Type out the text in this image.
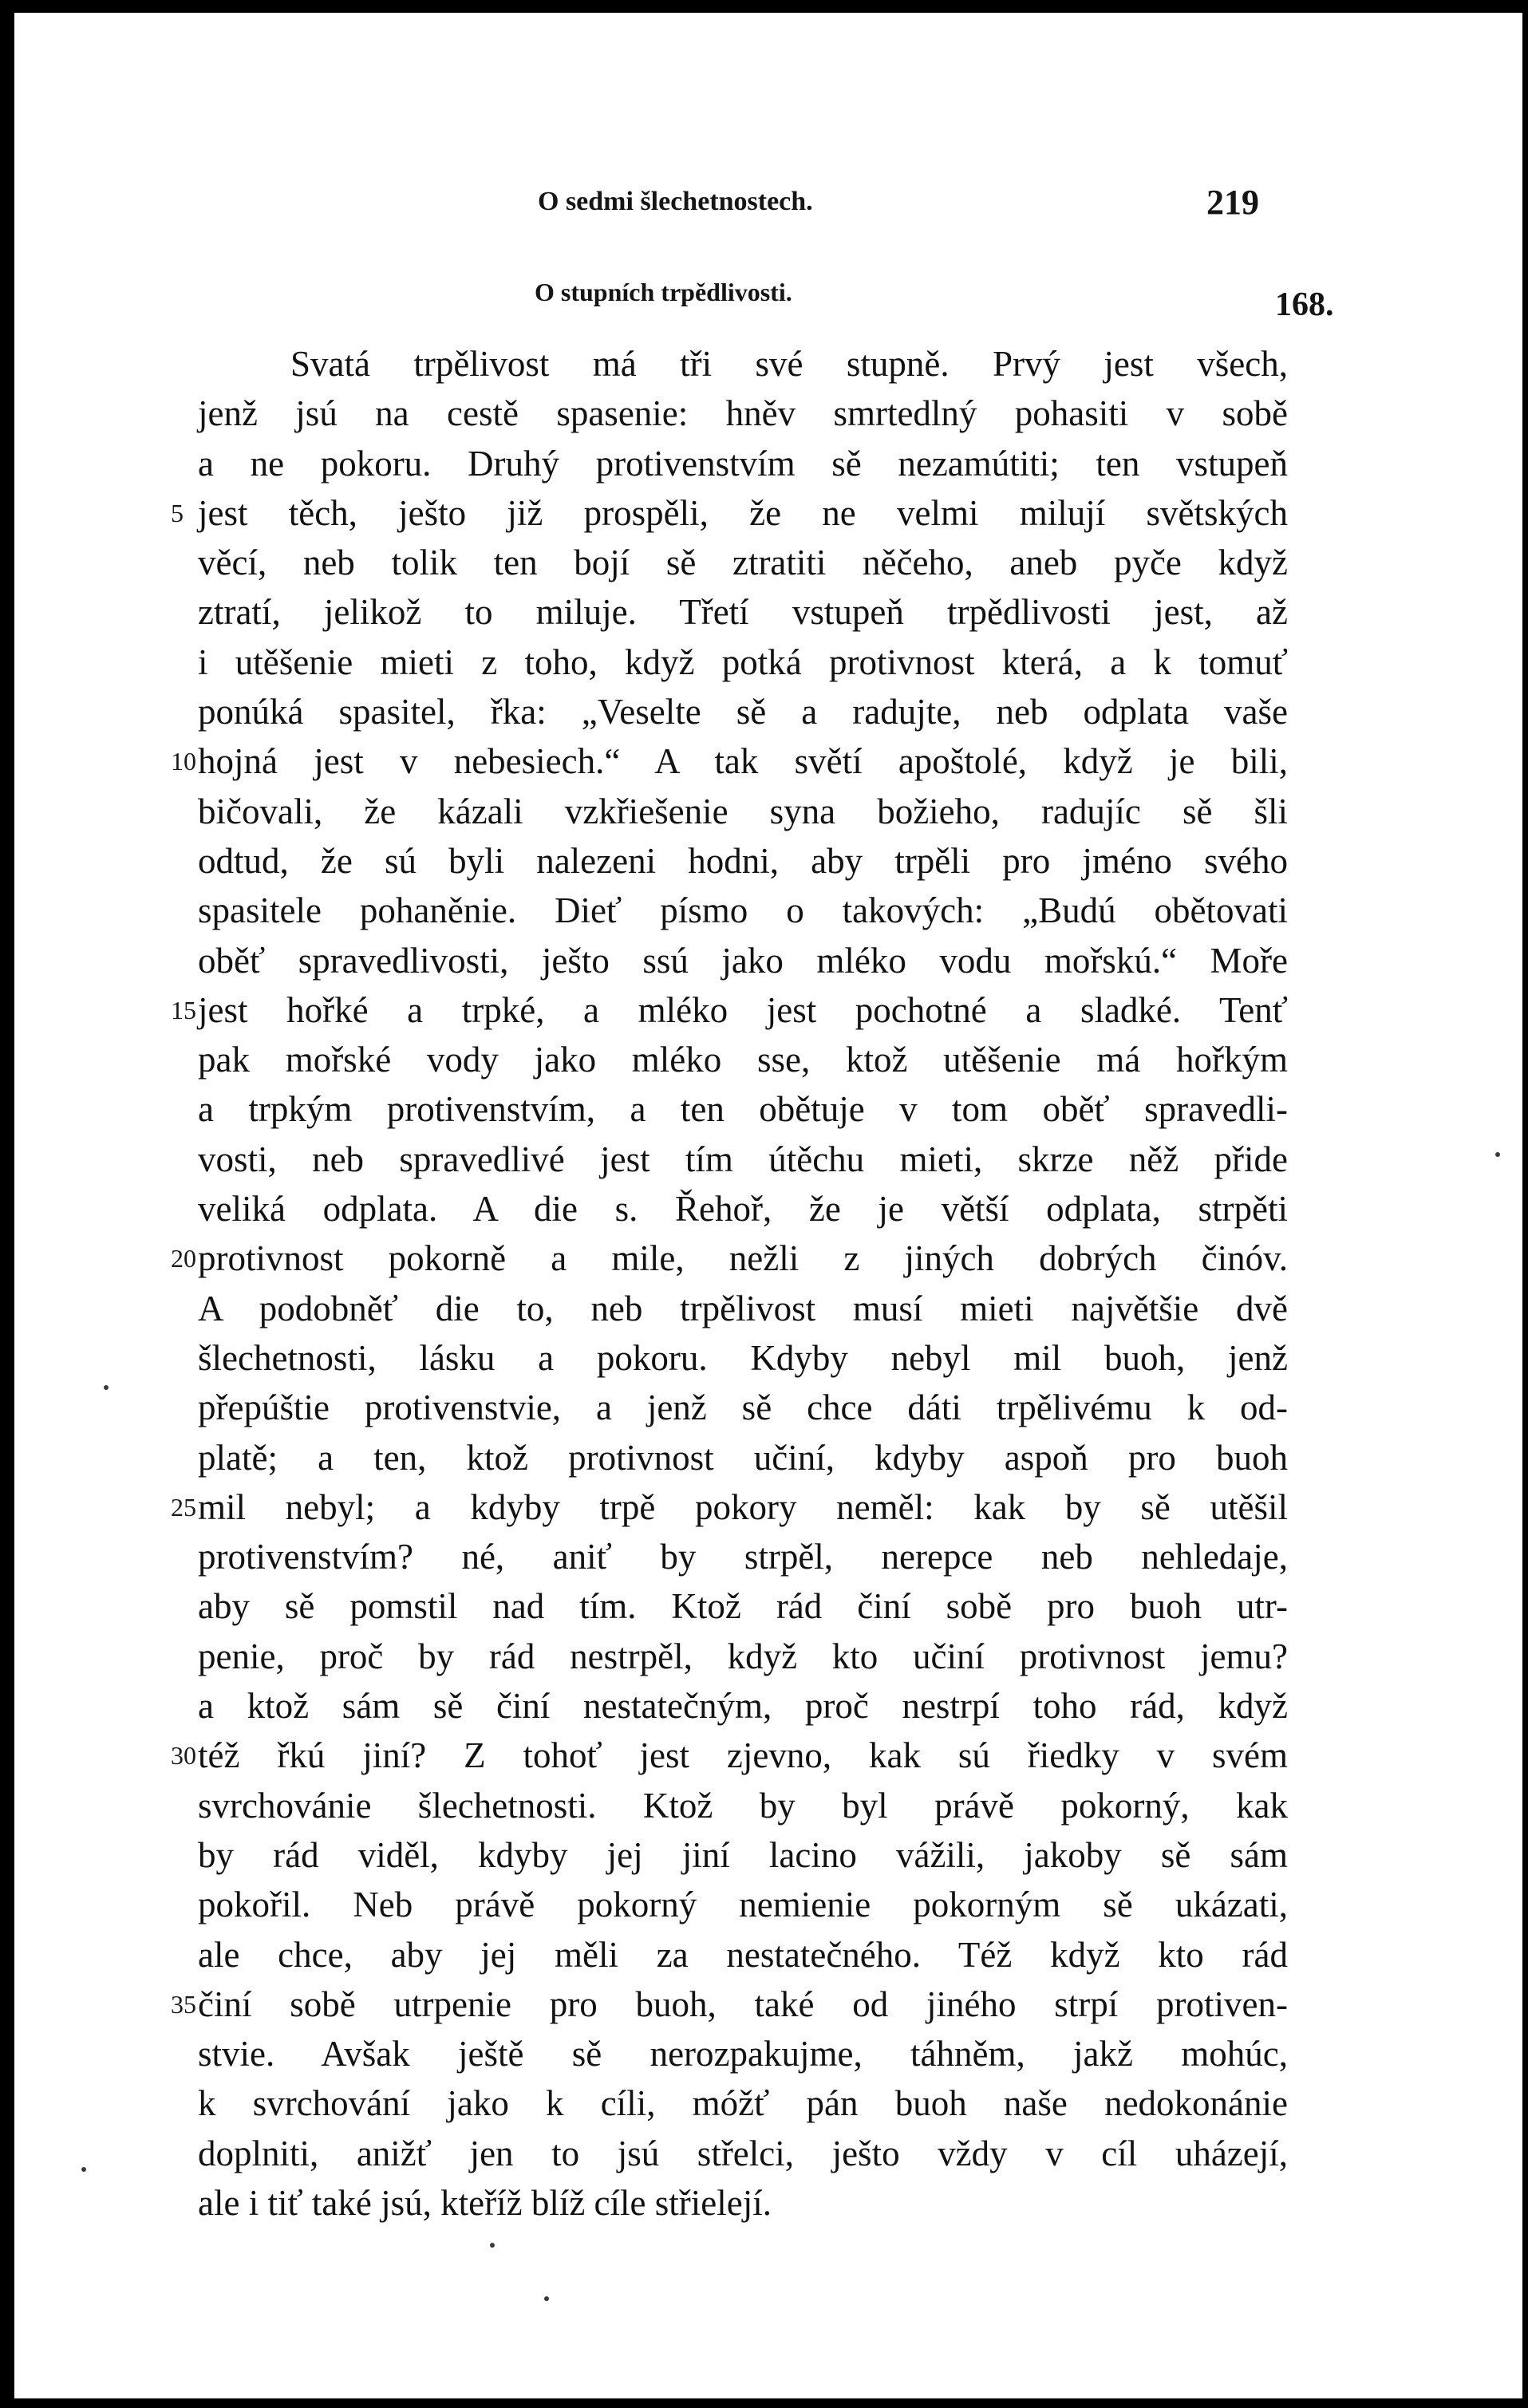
O sedmi šlechetnostech.	219
O stupních trpědlivosti.	168.
Svatá trpělivost má tři své stupně. Prvý jest všech,
jenž jsú na cestě spasenie: hněv smrtedlný pohasiti v sobě
a ne pokoru. Druhý protivenstvím sě nezamútiti; ten vstupeň
5 jest těch, ješto již prospěli, že ne velmi milují světských
věcí, neb tolik ten bojí sě ztratiti něčeho, aneb pyče když
ztratí, jelikož to miluje. Třetí vstupeň trpědlivosti jest, až
i utěšenie mieti z toho, když potká protivnost která, a k tomuť
ponúká spasitel, řka: „Veselte sě a radujte, neb odplata vaše
10 hojná jest v nebesiech.“ A tak světí apoštolé, když je bili,
bičovali, že kázali vzkřiešenie syna božieho, radujíc sě šli
odtud, že sú byli nalezeni hodni, aby trpěli pro jméno svého
spasitele pohaněnie. Dieť písmo o takových: „Budú obětovati
oběť spravedlivosti, ješto ssú jako mléko vodu mořskú.“ Moře
15 jest hořké a trpké, a mléko jest pochotné a sladké. Tenť
pak mořské vody jako mléko sse, ktož utěšenie má hořkým
a trpkým protivenstvím, a ten obětuje v tom oběť spravedli-
vosti, neb spravedlivé jest tím útěchu mieti, skrze něž přide
veliká odplata. A die s. Řehoř, že je větší odplata, strpěti
20 protivnost pokorně a mile, nežli z jiných dobrých činóv.
A podobněť die to, neb trpělivost musí mieti najvětšie dvě
šlechetnosti, lásku a pokoru. Kdyby nebyl mil buoh, jenž
přepúštie protivenstvie, a jenž sě chce dáti trpělivému k od-
platě; a ten, ktož protivnost učiní, kdyby aspoň pro buoh
25 mil nebyl; a kdyby trpě pokory neměl: kak by sě utěšil
protivenstvím? né, aniť by strpěl, nerepce neb nehledaje,
aby sě pomstil nad tím. Ktož rád činí sobě pro buoh utr-
penie, proč by rád nestrpěl, když kto učiní protivnost jemu?
a ktož sám sě činí nestatečným, proč nestrpí toho rád, když
30 též řkú jiní? Z tohoť jest zjevno, kak sú řiedky v svém
svrchovánie šlechetnosti. Ktož by byl právě pokorný, kak
by rád viděl, kdyby jej jiní lacino vážili, jakoby sě sám
pokořil. Neb právě pokorný nemienie pokorným sě ukázati,
ale chce, aby jej měli za nestatečného. Též když kto rád
35 činí sobě utrpenie pro buoh, také od jiného strpí protiven-
stvie. Avšak ještě sě nerozpakujme, táhněm, jakž mohúc,
k svrchování jako k cíli, móžť pán buoh naše nedokonánie
doplniti, anižť jen to jsú střelci, ješto vždy v cíl uházejí,
ale i tiť také jsú, kteříž blíž cíle střielejí.
